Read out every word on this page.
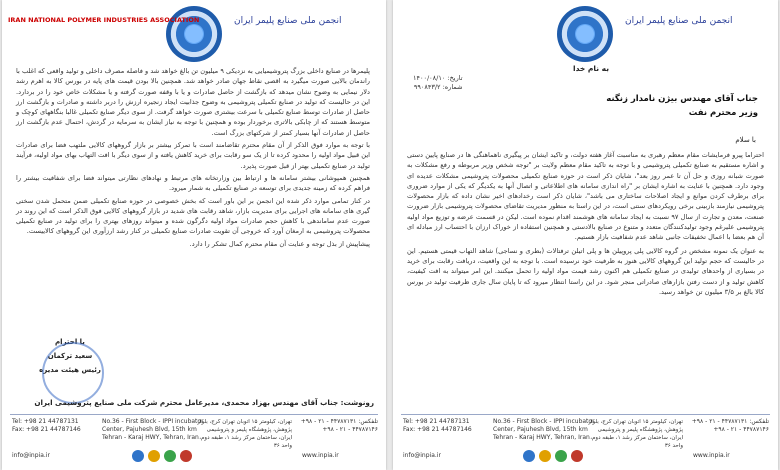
IRAN NATIONAL POLYMER INDUSTRIES ASSOCIATION	انجمن ملی صنایع پلیمر ایران

پلیمرها در صنایع داخلی بزرگ پتروشیمیایی به نزدیکی ۹ میلیون تن بالغ خواهد شد و فاصله مصرف داخلی و تولید واقعی که اغلب با راندمان بالایی صورت میگیرد به اقصی نقاط جهان صادر خواهد شد. همچنین بالا بودن قیمت های پایه در بورس کالا به اهرم رشد دلار نیمایی به وضوح نشان میدهد که بازگشت از حاصل صادرات و یا با وقفه صورت گرفته و یا مشکلات خاص خود را در بردارد. این در حالیست که تولید در صنایع تکمیلی پتروشیمی به وضوح جذابیت ایجاد زنجیره ارزش را دربر داشته و صادرات و بازگشت ارز حاصل از صادرات توسط صنایع تکمیلی با سرعت بیشتری صورت خواهد گرفت. از سوی دیگر صنایع تکمیلی غالبا بنگاههای کوچک و متوسط هستند که از چابکی بالاتری برخوردار بوده و همچنین با توجه به نیاز ایشان به سرمایه در گردش، احتمال عدم بازگشت ارز حاصل از صادرات آنها بسیار کمتر از شرکتهای بزرگ است.

با توجه به موارد فوق الذکر از آن مقام محترم تقاضامند است با تمرکز بیشتر بر بازار گروههای کالایی ملتهب فضا برای صادرات این قبیل مواد اولیه را محدود کرده تا از یک سو رقابت برای خرید کاهش یافته و از سوی دیگر با افت التهاب بهای مواد اولیه، فرآیند تولید در صنایع تکمیلی بهتر از قبل صورت پذیرد.

همچنین همپوشانی بیشتر سامانه ها و ارتباط بین وزارتخانه های مرتبط و نهادهای نظارتی میتواند فضا برای شفافیت بیشتر را فراهم کرده که زمینه جدیدی برای توسعه در صنایع تکمیلی به شمار میرود.

در کنار تمامی موارد ذکر شده این انجمن بر این باور است که بخش خصوصی در حوزه صنایع تکمیلی ضمن متحمل شدن سختی گیری های سامانه های اجرایی برای مدیریت بازار، شاهد رقابت های شدید در بازار گروههای کالایی فوق الذکر است که این روند در صورت عدم ساماندهی با کاهش حجم صادرات مواد اولیه دگرگون شده و میتواند روزهای بهتری را برای تولید در صنایع تکمیلی محصولات پتروشیمی به ارمغان آورد که خروجی آن تقویت صادرات صنایع تکمیلی در کنار رشد ارزآوری این گروههای کالاییست.

پیشاپیش از بذل توجه و عنایت آن مقام محترم کمال تشکر را دارد.

با احترام
سعید ترکمان
رئیس هیئت مدیره
رونوشت: جناب آقای مهندس بهزاد محمدی، مدیرعامل محترم شرکت ملی صنایع پتروشیمی ایران
Tel: +98 21 44787131
Fax: +98 21 44787146
No.36 - First Block - IPPI incubator
Center, Pajuhesh Blvd, 15th km
Tehran - Karaj HWY, Tehran, Iran
تهران، کیلومتر ۱۵ اتوبان تهران کرج، بلوار پژوهش، پژوهشگاه پلیمر و پتروشیمی ایران، ساختمان مرکز رشد ۱، طبقه دوم، واحد ۳۶
تلفکس: ۴۴۷۸۷۱۳۱ - ۲۱ - ۹۸+
۴۴۷۸۷۱۴۶ - ۲۱ - ۹۸+
info@inpia.ir	www.inpia.ir
انجمن ملی صنایع پلیمر ایران
تاریخ: ۱۴۰۰/۰۸/۱۰
شماره: ۹۹۰۸۴۳/۲
به نام خدا
جناب آقای مهندس بیژن نامدار زنگنه
وزیر محترم نفت
با سلام

احتراما پیرو فرمایشات مقام معظم رهبری به مناسبت آغاز هفته دولت، و تاکید ایشان بر پیگیری ناهماهنگی ها در صنایع پایین دستی و اشاره مستقیم به صنایع تکمیلی پتروشیمی و با توجه به تاکید مقام معظم ولایت بر "توجه شخص وزیر مربوطه و رفع مشکلات به صورت شبانه روزی و حل آن تا عمر روز بعد"، شایان ذکر است در حوزه صنایع تکمیلی محصولات پتروشیمی مشکلات عدیده ای وجود دارد. همچنین با عنایت به اشاره ایشان بر "راه اندازی سامانه های اطلاعاتی و اتصال آنها به یکدیگر که یکی از موارد ضروری برای برطرف کردن موانع و ایجاد اصلاحات ساختاری می باشد"، شایان ذکر است رخدادهای اخیر نشان داده که بازار محصولات پتروشیمی نیازمند بازبینی برخی رویکردهای سنتی است، در این راستا به منظور مدیریت تقاضای محصولات پتروشیمی بازار ضرورت صنعت، معدن و تجارت از سال ۹۷ نسبت به ایجاد سامانه های هوشمند اقدام نموده است. لیکن در قسمت عرضه و توزیع مواد اولیه پتروشیمی علیرغم وجود تولیدکنندگان متعدد و متنوع در صنایع بالادستی و همچنین استفاده از خوراک ارزان با احتساب ارز مبادله ای آن هم بعضا با اعمال تخفیفات جانبی شاهد عدم شفافیت بازار هستیم.

به عنوان یک نمونه مشخص در گروه کالایی پلی پروپیلن ها و پلی اتیلن ترفتالات (بطری و نساجی) شاهد التهاب قیمتی هستیم. این در حالیست که حجم تولید این گروههای کالایی هنوز به ظرفیت خود نرسیده است. با توجه به این واقعیت، دریافت رقابت برای خرید در بسیاری از واحدهای تولیدی در صنایع تکمیلی هم اکنون رشد قیمت مواد اولیه را تحمل میکنند. این امر میتواند به افت کیفیت، کاهش تولید و از دست رفتن بازارهای صادراتی منجر شود. در این راستا انتظار میرود که تا پایان سال جاری ظرفیت تولید در بورس کالا بالغ بر ۳/۵ میلیون تن خواهد رسید.

Tel: +98 21 44787131
Fax: +98 21 44787146
No.36 - First Block - IPPI incubator
Center, Pajuhesh Blvd, 15th km
Tehran - Karaj HWY, Tehran, Iran
تهران، کیلومتر ۱۵ اتوبان تهران کرج، بلوار پژوهش، پژوهشگاه پلیمر و پتروشیمی ایران، ساختمان مرکز رشد ۱، طبقه دوم، واحد ۳۶
تلفکس: ۴۴۷۸۷۱۳۱ - ۲۱ - ۹۸+
۴۴۷۸۷۱۴۶ - ۲۱ - ۹۸+
info@inpia.ir	www.inpia.ir
